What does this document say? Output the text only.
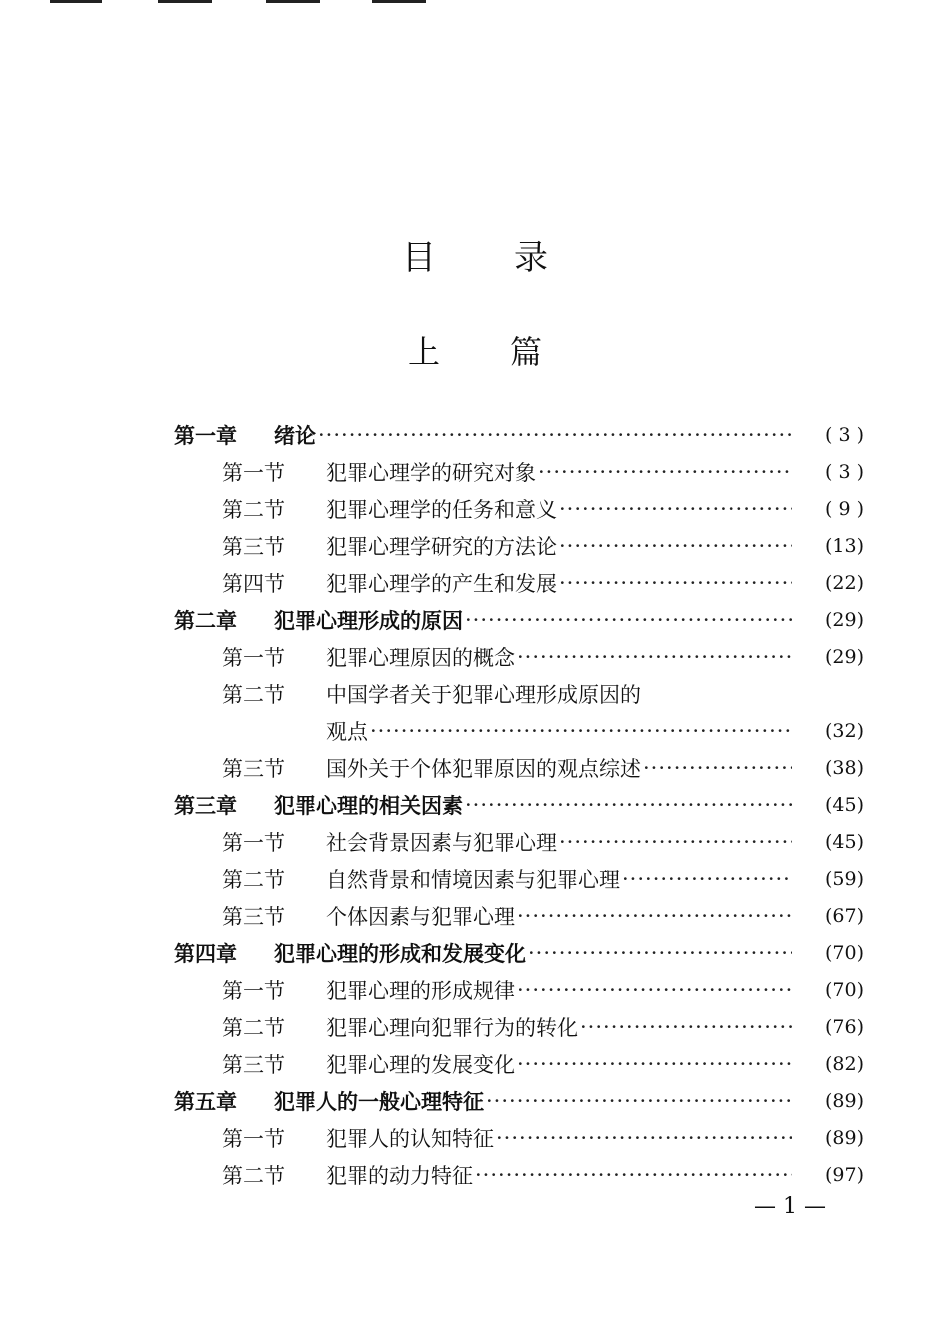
目录
上篇
第一章	绪论 ·····	( 3 )
第一节	犯罪心理学的研究对象 ·····	( 3 )
第二节	犯罪心理学的任务和意义 ·····	( 9 )
第三节	犯罪心理学研究的方法论 ·····	(13)
第四节	犯罪心理学的产生和发展 ·····	(22)
第二章	犯罪心理形成的原因 ·····	(29)
第一节	犯罪心理原因的概念 ·····	(29)
第二节	中国学者关于犯罪心理形成原因的
观点 ·····	(32)
第三节	国外关于个体犯罪原因的观点综述 ·····	(38)
第三章	犯罪心理的相关因素 ·····	(45)
第一节	社会背景因素与犯罪心理 ·····	(45)
第二节	自然背景和情境因素与犯罪心理 ·····	(59)
第三节	个体因素与犯罪心理 ·····	(67)
第四章	犯罪心理的形成和发展变化 ·····	(70)
第一节	犯罪心理的形成规律 ·····	(70)
第二节	犯罪心理向犯罪行为的转化 ·····	(76)
第三节	犯罪心理的发展变化 ·····	(82)
第五章	犯罪人的一般心理特征 ·····	(89)
第一节	犯罪人的认知特征 ·····	(89)
第二节	犯罪的动力特征 ·····	(97)
— 1 —
